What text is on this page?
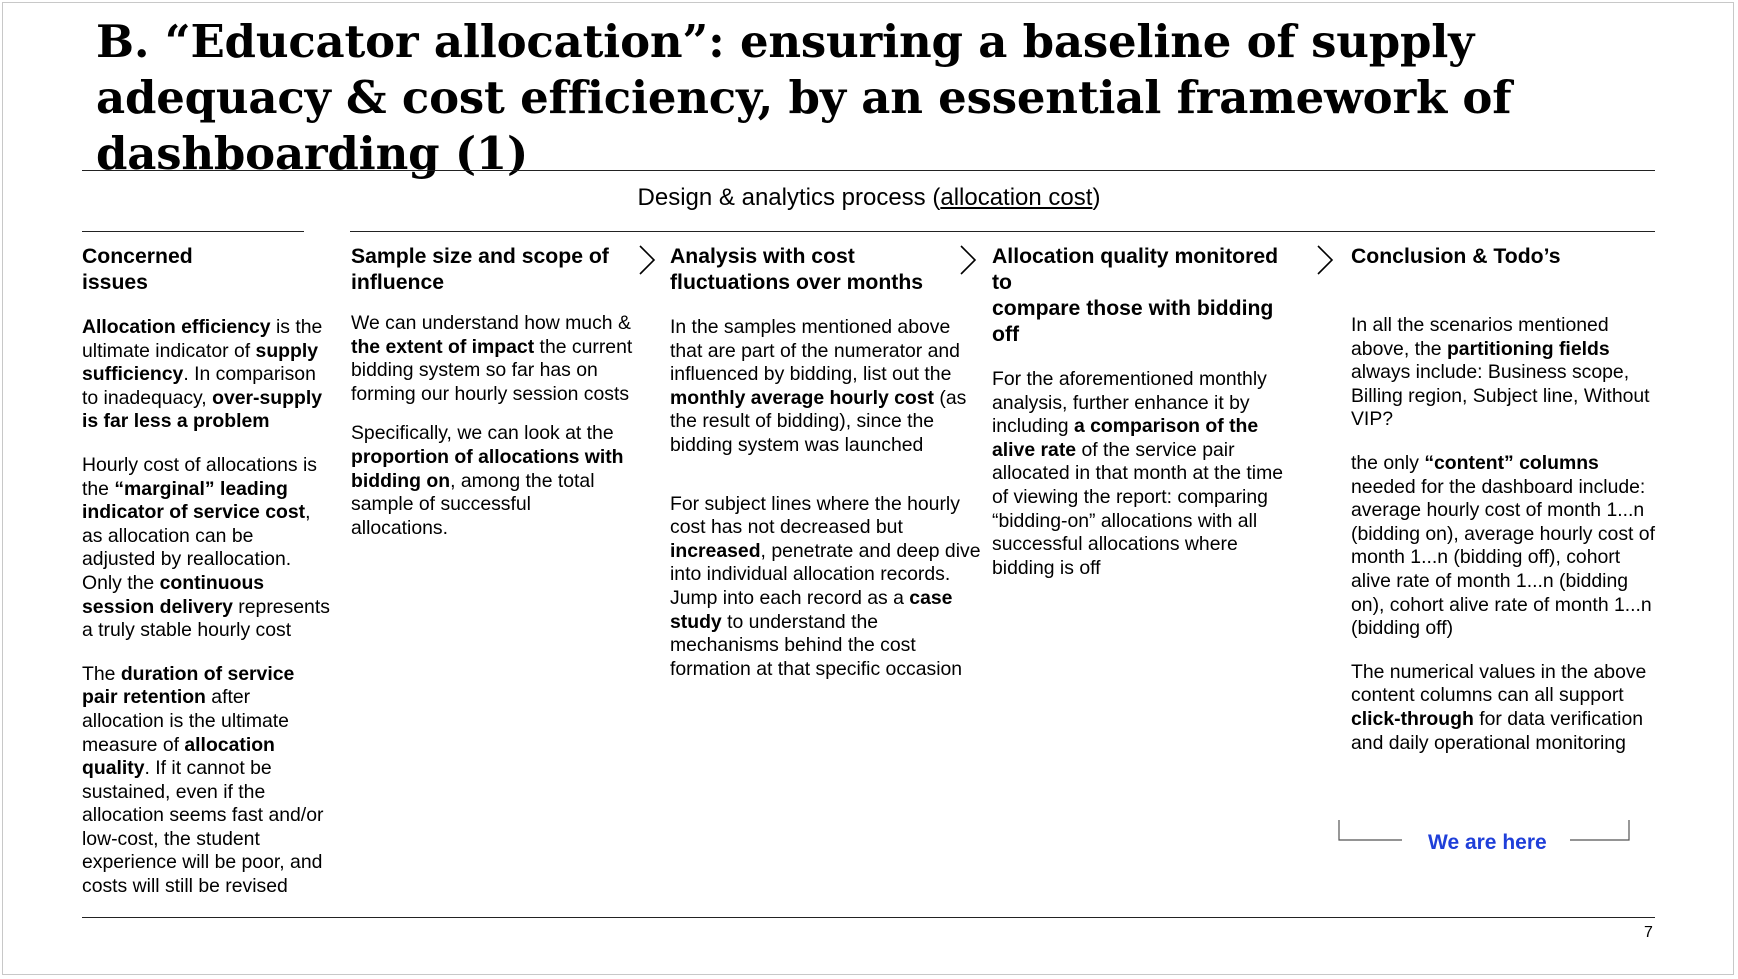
B. “Educator allocation”: ensuring a baseline of supply adequacy & cost efficiency, by an essential framework of dashboarding (1)
Design & analytics process (allocation cost)
Concerned
issues

Allocation efficiency is the ultimate indicator of supply sufficiency. In comparison to inadequacy, over-supply is far less a problem

Hourly cost of allocations is the “marginal” leading indicator of service cost, as allocation can be adjusted by reallocation. Only the continuous session delivery represents a truly stable hourly cost

The duration of service pair retention after allocation is the ultimate measure of allocation quality. If it cannot be sustained, even if the allocation seems fast and/or low-cost, the student experience will be poor, and costs will still be revised

Sample size and scope of
influence

We can understand how much & the extent of impact the current bidding system so far has on forming our hourly session costs

Specifically, we can look at the proportion of allocations with bidding on, among the total sample of successful allocations.

Analysis with cost
fluctuations over months

In the samples mentioned above that are part of the numerator and influenced by bidding, list out the monthly average hourly cost (as the result of bidding), since the bidding system was launched

For subject lines where the hourly cost has not decreased but increased, penetrate and deep dive into individual allocation records. Jump into each record as a case study to understand the mechanisms behind the cost formation at that specific occasion

Allocation quality monitored to
compare those with bidding off

For the aforementioned monthly analysis, further enhance it by including a comparison of the alive rate of the service pair allocated in that month at the time of viewing the report: comparing “bidding-on” allocations with all successful allocations where bidding is off

Conclusion & Todo’s

In all the scenarios mentioned above, the partitioning fields always include: Business scope, Billing region, Subject line, Without VIP?

the only “content” columns needed for the dashboard include: average hourly cost of month 1...n (bidding on), average hourly cost of month 1...n (bidding off), cohort alive rate of month 1...n (bidding on), cohort alive rate of month 1...n (bidding off)

The numerical values in the above content columns can all support click-through for data verification and daily operational monitoring

We are here
7
